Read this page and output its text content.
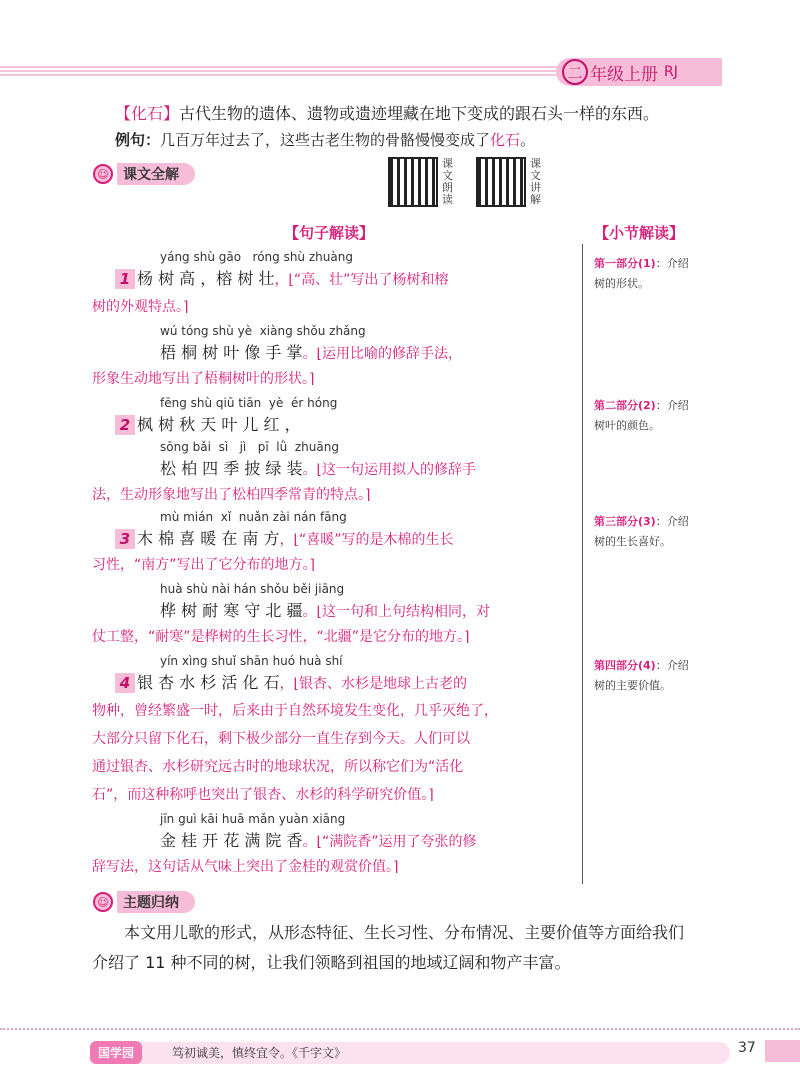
二 年级上册 RJ
【化石】古代生物的遗体、遗物或遗迹埋藏在地下变成的跟石头一样的东西。
例句：几百万年过去了，这些古老生物的骨骼慢慢变成了化石。
☺	课文全解
课文朗读
课文讲解
【句子解读】	【小节解读】
yáng shù gāo   róng shù zhuàng
1 杨 树 高 ，榕 树 壮，⌊“高、壮”写出了杨树和榕
树的外观特点。⌉
wú tóng shù yè  xiàng shǒu zhǎng
梧 桐 树 叶 像 手 掌。⌊运用比喻的修辞手法，
形象生动地写出了梧桐树叶的形状。⌉
fēng shù qiū tiān  yè  ér hóng
2 枫 树 秋 天 叶 儿 红 ，
sōng bǎi  sì   jì   pī  lǜ  zhuāng
松 柏 四 季 披 绿 装。⌊这一句运用拟人的修辞手
法，生动形象地写出了松柏四季常青的特点。⌉
mù mián  xǐ  nuǎn zài nán fāng
3 木 棉 喜 暖 在 南 方，⌊“喜暖”写的是木棉的生长
习性，“南方”写出了它分布的地方。⌉
huà shù nài hán shǒu běi jiāng
桦 树 耐 寒 守 北 疆。⌊这一句和上句结构相同，对
仗工整，“耐寒”是桦树的生长习性，“北疆”是它分布的地方。⌉
yín xìng shuǐ shān huó huà shí
4 银 杏 水 杉 活 化 石，⌊银杏、水杉是地球上古老的
物种，曾经繁盛一时，后来由于自然环境发生变化，几乎灭绝了，
大部分只留下化石，剩下极少部分一直生存到今天。人们可以
通过银杏、水杉研究远古时的地球状况，所以称它们为“活化
石”，而这种称呼也突出了银杏、水杉的科学研究价值。⌉
jīn guì kāi huā mǎn yuàn xiāng
金 桂 开 花 满 院 香。⌊“满院香”运用了夸张的修
辞写法，这句话从气味上突出了金桂的观赏价值。⌉
第一部分(1)：介绍树的形状。
第二部分(2)：介绍树叶的颜色。
第三部分(3)：介绍树的生长喜好。
第四部分(4)：介绍树的主要价值。
☺	主题归纳
本文用儿歌的形式，从形态特征、生长习性、分布情况、主要价值等方面给我们
介绍了 11 种不同的树，让我们领略到祖国的地域辽阔和物产丰富。
国学园	笃初诚美，慎终宜令。《千字文》	37
